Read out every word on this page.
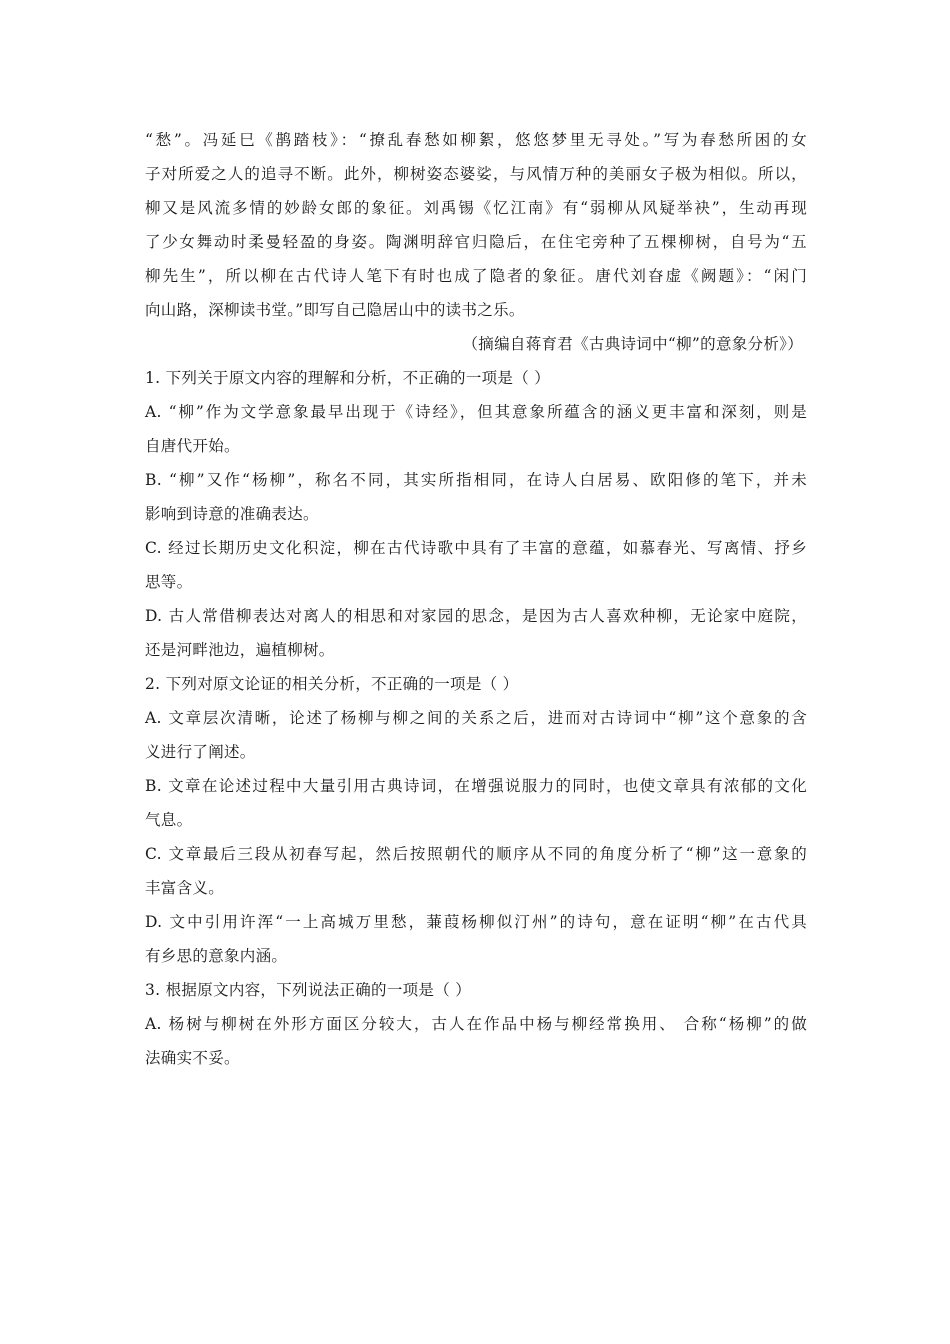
“愁”。冯延巳《鹊踏枝》：“撩乱春愁如柳絮，悠悠梦里无寻处。”写为春愁所困的女
子对所爱之人的追寻不断。此外，柳树姿态婆娑，与风情万种的美丽女子极为相似。所以，
柳又是风流多情的妙龄女郎的象征。刘禹锡《忆江南》有“弱柳从风疑举袂”，生动再现
了少女舞动时柔曼轻盈的身姿。陶渊明辞官归隐后，在住宅旁种了五棵柳树，自号为“五
柳先生”，所以柳在古代诗人笔下有时也成了隐者的象征。唐代刘昚虚《阙题》：“闲门
向山路，深柳读书堂。”即写自己隐居山中的读书之乐。
（摘编自蒋育君《古典诗词中“柳”的意象分析》）
1. 下列关于原文内容的理解和分析，不正确的一项是（ ）
A. “柳”作为文学意象最早出现于《诗经》，但其意象所蕴含的涵义更丰富和深刻，则是
自唐代开始。
B. “柳”又作“杨柳”，称名不同，其实所指相同，在诗人白居易、欧阳修的笔下，并未
影响到诗意的准确表达。
C. 经过长期历史文化积淀，柳在古代诗歌中具有了丰富的意蕴，如慕春光、写离情、抒乡
思等。
D. 古人常借柳表达对离人的相思和对家园的思念，是因为古人喜欢种柳，无论家中庭院，
还是河畔池边，遍植柳树。
2. 下列对原文论证的相关分析，不正确的一项是（ ）
A. 文章层次清晰，论述了杨柳与柳之间的关系之后，进而对古诗词中“柳”这个意象的含
义进行了阐述。
B. 文章在论述过程中大量引用古典诗词，在增强说服力的同时，也使文章具有浓郁的文化
气息。
C. 文章最后三段从初春写起，然后按照朝代的顺序从不同的角度分析了“柳”这一意象的
丰富含义。
D. 文中引用许浑“一上高城万里愁，蒹葭杨柳似汀州”的诗句，意在证明“柳”在古代具
有乡思的意象内涵。
3. 根据原文内容，下列说法正确的一项是（ ）
A. 杨树与柳树在外形方面区分较大，古人在作品中杨与柳经常换用、 合称“杨柳”的做
法确实不妥。
